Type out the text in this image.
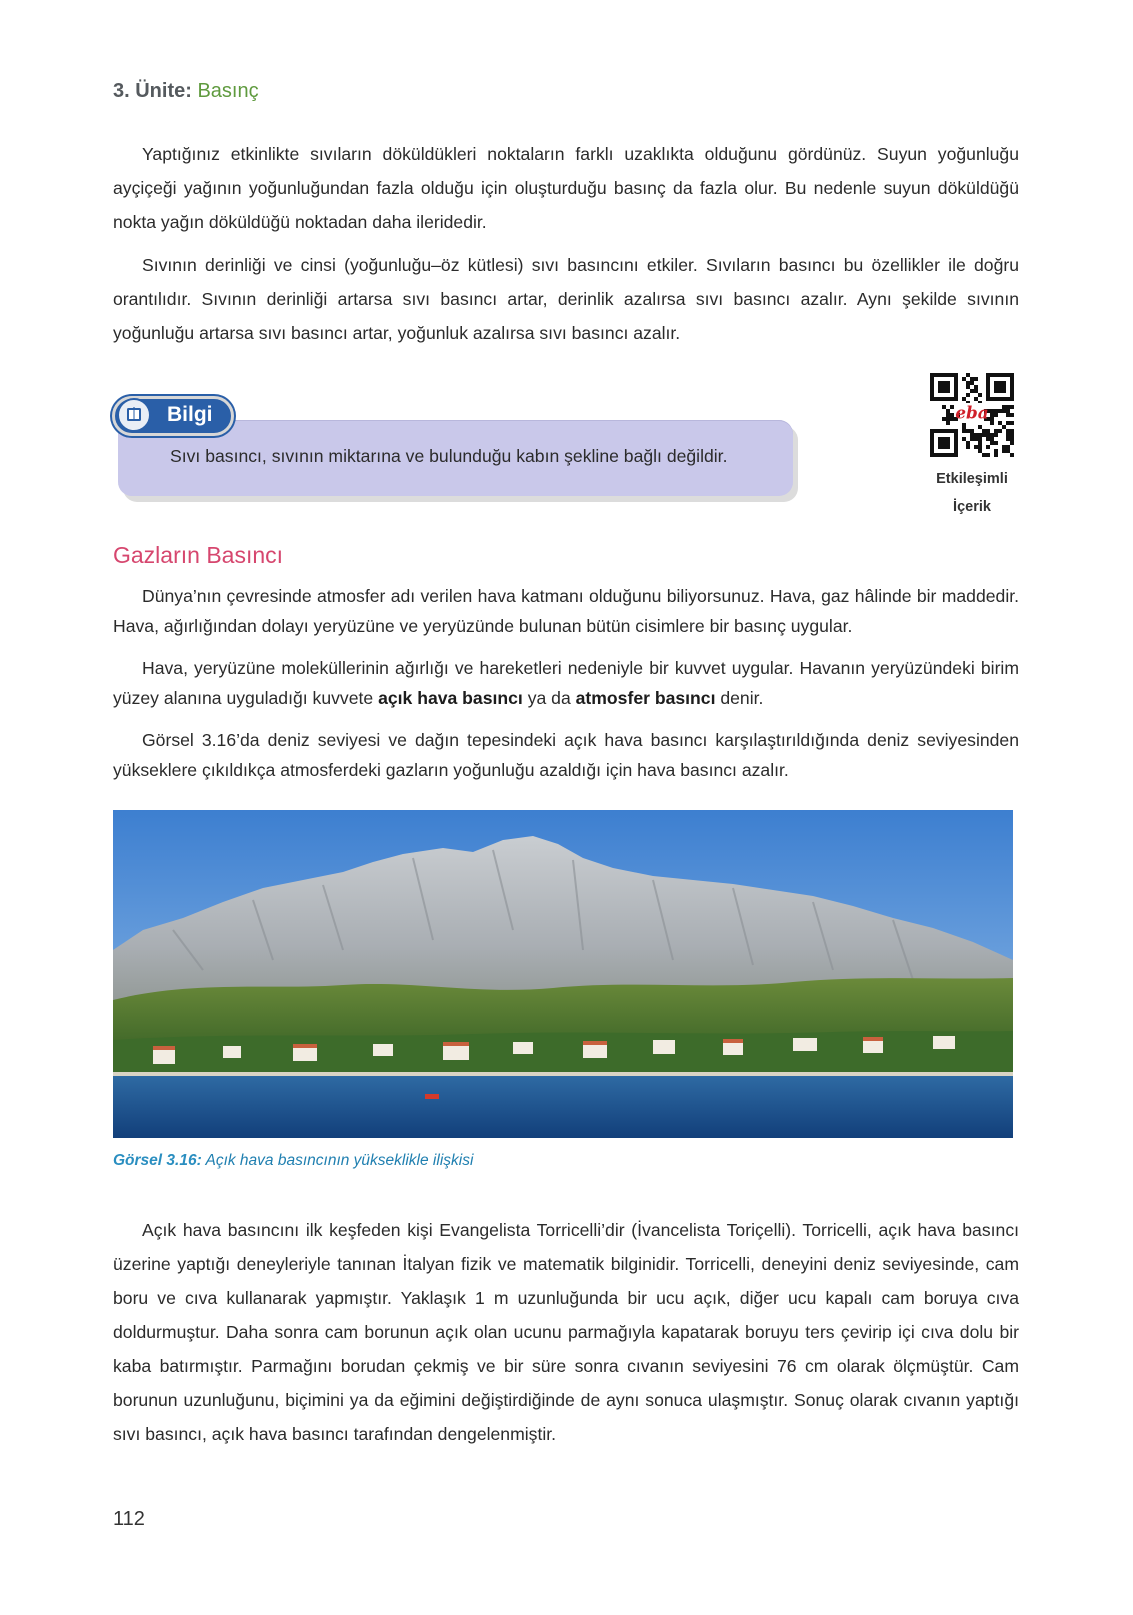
3. Ünite: Basınç

Yaptığınız etkinlikte sıvıların döküldükleri noktaların farklı uzaklıkta olduğunu gördünüz. Suyun yoğunluğu ayçiçeği yağının yoğunluğundan fazla olduğu için oluşturduğu basınç da fazla olur. Bu nedenle suyun döküldüğü nokta yağın döküldüğü noktadan daha ileridedir.

Sıvının derinliği ve cinsi (yoğunluğu–öz kütlesi) sıvı basıncını etkiler. Sıvıların basıncı bu özellikler ile doğru orantılıdır. Sıvının derinliği artarsa sıvı basıncı artar, derinlik azalırsa sıvı basıncı azalır. Aynı şekilde sıvının yoğunluğu artarsa sıvı basıncı artar, yoğunluk azalırsa sıvı basıncı azalır.

Sıvı basıncı, sıvının miktarına ve bulunduğu kabın şekline bağlı değildir.
Bilgi	eba
Etkileşimli
İçerik
Gazların Basıncı

Dünya’nın çevresinde atmosfer adı verilen hava katmanı olduğunu biliyorsunuz. Hava, gaz hâlinde bir maddedir. Hava, ağırlığından dolayı yeryüzüne ve yeryüzünde bulunan bütün cisimlere bir basınç uygular.

Hava, yeryüzüne moleküllerinin ağırlığı ve hareketleri nedeniyle bir kuvvet uygular. Havanın yeryüzündeki birim yüzey alanına uyguladığı kuvvete açık hava basıncı ya da atmosfer basıncı denir.

Görsel 3.16’da deniz seviyesi ve dağın tepesindeki açık hava basıncı karşılaştırıldığında deniz seviyesinden yükseklere çıkıldıkça atmosferdeki gazların yoğunluğu azaldığı için hava basıncı azalır.

Görsel 3.16: Açık hava basıncının yükseklikle ilişkisi

Açık hava basıncını ilk keşfeden kişi Evangelista Torricelli’dir (İvancelista Toriçelli). Torricelli, açık hava basıncı üzerine yaptığı deneyleriyle tanınan İtalyan fizik ve matematik bilginidir. Torricelli, deneyini deniz seviyesinde, cam boru ve cıva kullanarak yapmıştır. Yaklaşık 1 m uzunluğunda bir ucu açık, diğer ucu kapalı cam boruya cıva doldurmuştur. Daha sonra cam borunun açık olan ucunu parmağıyla kapatarak boruyu ters çevirip içi cıva dolu bir kaba batırmıştır. Parmağını borudan çekmiş ve bir süre sonra cıvanın seviyesini 76 cm olarak ölçmüştür. Cam borunun uzunluğunu, biçimini ya da eğimini değiştirdiğinde de aynı sonuca ulaşmıştır. Sonuç olarak cıvanın yaptığı sıvı basıncı, açık hava basıncı tarafından dengelenmiştir.

112
